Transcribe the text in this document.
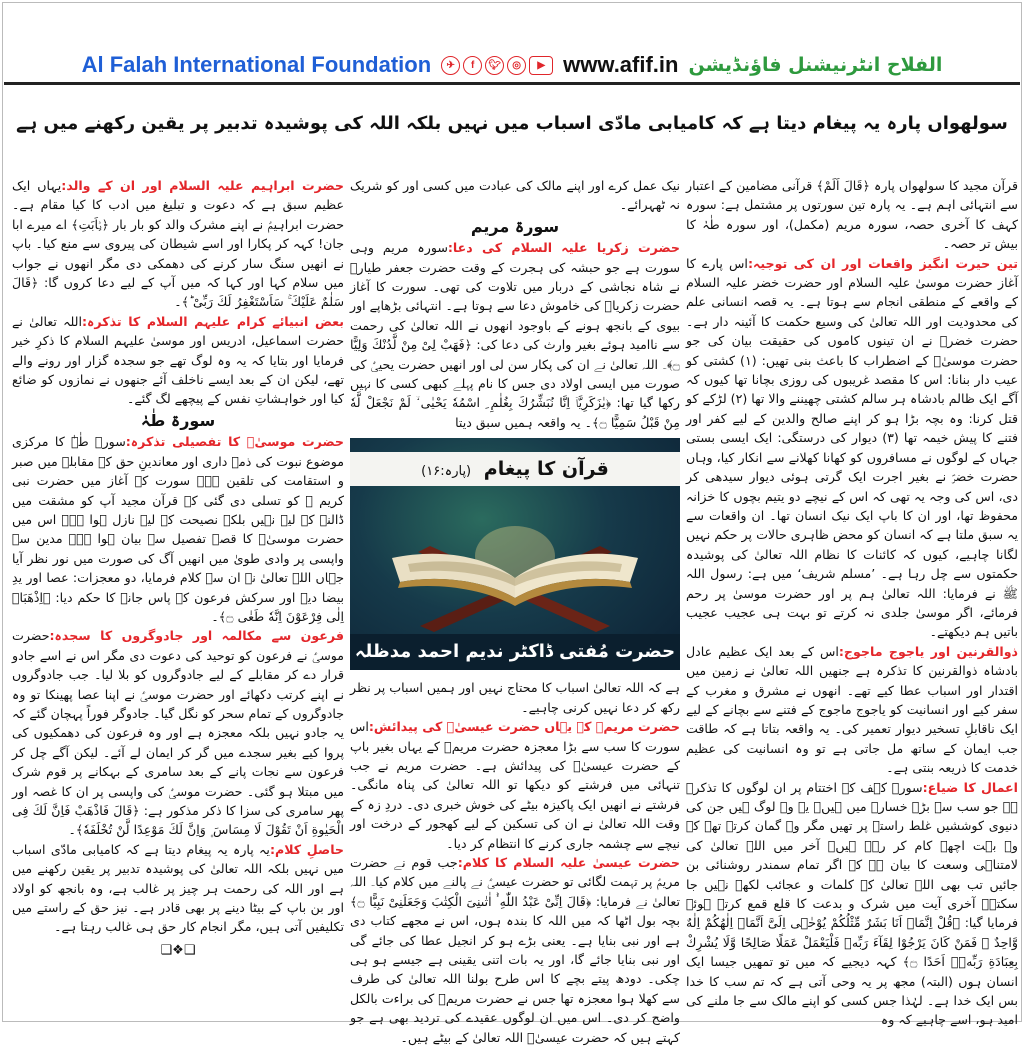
Al Falah International Foundation	✈	f	🐦︎	◎	▶ www.afif.in الفلاح انٹرنیشنل فاؤنڈیشن
سولھواں پارہ یہ پیغام دیتا ہے کہ کامیابی مادّی اسباب میں نہیں بلکہ اللہ کی پوشیدہ تدبیر پر یقین رکھنے میں ہے

قرآن مجید کا سولھواں پارہ ﴿قَالَ اَلَمْ﴾ قرآنی مضامین کے اعتبار سے انتہائی اہم ہے۔ یہ پارہ تین سورتوں پر مشتمل ہے: سورہ کہف کا آخری حصہ، سورہ مریم (مکمل)، اور سورہ طٰہٰ کا بیش تر حصہ۔

تین حیرت انگیز واقعات اور ان کی توجیہ:اس پارے کا آغاز حضرت موسیٰ علیہ السلام اور حضرت خضر علیہ السلام کے واقعے کے منطقی انجام سے ہوتا ہے۔ یہ قصہ انسانی علم کی محدودیت اور اللہ تعالیٰ کی وسیع حکمت کا آئینہ دار ہے۔ حضرت خضرؑ نے ان تینوں کاموں کی حقیقت بیان کی جو حضرت موسیٰؑ کے اضطراب کا باعث بنی تھیں: (۱) کشتی کو عیب دار بنانا: اس کا مقصد غریبوں کی روزی بچانا تھا کیوں کہ آگے ایک ظالم بادشاہ ہر سالم کشتی چھیننے والا تھا (۲) لڑکے کو قتل کرنا: وہ بچہ بڑا ہو کر اپنے صالح والدین کے لیے کفر اور فتنے کا پیش خیمہ تھا (۳) دیوار کی درستگی: ایک ایسی بستی جہاں کے لوگوں نے مسافروں کو کھانا کھلانے سے انکار کیا، وہاں حضرت خضرؑ نے بغیر اجرت ایک گرتی ہوئی دیوار سیدھی کر دی، اس کی وجہ یہ تھی کہ اس کے نیچے دو یتیم بچوں کا خزانہ محفوظ تھا، اور ان کا باپ ایک نیک انسان تھا۔ ان واقعات سے یہ سبق ملتا ہے کہ انسان کو محض ظاہری حالات پر حکم نہیں لگانا چاہیے، کیوں کہ کائنات کا نظام اللہ تعالیٰ کی پوشیدہ حکمتوں سے چل رہا ہے۔ ’مسلم شریف‘ میں ہے: رسول اللہ ﷺ نے فرمایا: اللہ تعالیٰ ہم پر اور حضرت موسیٰ پر رحم فرمائے، اگر موسیٰ جلدی نہ کرتے تو بہت ہی عجیب عجیب باتیں ہم دیکھتے۔

ذوالقرنین اور یاجوج ماجوج:اس کے بعد ایک عظیم عادل بادشاہ ذوالقرنین کا تذکرہ ہے جنھیں اللہ تعالیٰ نے زمین میں اقتدار اور اسباب عطا کیے تھے۔ انھوں نے مشرق و مغرب کے سفر کیے اور انسانیت کو یاجوج ماجوج کے فتنے سے بچانے کے لیے ایک ناقابلِ تسخیر دیوار تعمیر کی۔ یہ واقعہ بتاتا ہے کہ طاقت جب ایمان کے ساتھ مل جاتی ہے تو وہ انسانیت کی عظیم خدمت کا ذریعہ بنتی ہے۔

اعمال کا ضیاع:سورہ کہف کے اختتام پر ان لوگوں کا تذکرہ ہے جو سب سے بڑے خسارے میں ہیں۔ یہ وہ لوگ ہیں جن کی دنیوی کوششیں غلط راستے پر تھیں مگر وہ گمان کرتے تھے کہ وہ بہت اچھے کام کر رہے ہیں۔ آخر میں اللہ تعالیٰ کی لامتناہی وسعت کا بیان ہے کہ اگر تمام سمندر روشنائی بن جائیں تب بھی اللہ تعالیٰ کے کلمات و عجائب لکھے نہیں جا سکتے۔ آخری آیت میں شرک و بدعت کا قلع قمع کرتے ہوئے فرمایا گیا: ﴿قُلْ اِنَّمَاۤ اَنَا بَشَرٌ مِّثْلُكُمْ یُوْحٰۤى اِلَیَّ اَنَّمَاۤ اِلٰهُكُمْ اِلٰهٌ وَّاحِدٌ ۚ فَمَنْ كَانَ یَرْجُوْا لِقَآءَ رَبِّهٖ فَلْیَعْمَلْ عَمَلًا صَالِحًا وَّلَا یُشْرِكْ بِعِبَادَةِ رَبِّهٖۤ اَحَدًا ۝﴾ کہہ دیجیے کہ میں تو تمھیں جیسا ایک انسان ہوں (البتہ) مجھ پر یہ وحی آتی ہے کہ تم سب کا خدا بس ایک خدا ہے۔ لہٰذا جس کسی کو اپنے مالک سے جا ملنے کی امید ہو، اسے چاہیے کہ وہ

نیک عمل کرے اور اپنے مالک کی عبادت میں کسی اور کو شریک نہ ٹھہرائے۔

سورۃ مریم

حضرت زکریا علیہ السلام کی دعا:سورہ مریم وہی سورت ہے جو حبشہ کی ہجرت کے وقت حضرت جعفر طیارؓ نے شاہ نجاشی کے دربار میں تلاوت کی تھی۔ سورت کا آغاز حضرت زکریاؑ کی خاموش دعا سے ہوتا ہے۔ انتہائی بڑھاپے اور بیوی کے بانجھ ہونے کے باوجود انھوں نے اللہ تعالیٰ کی رحمت سے ناامید ہوئے بغیر وارث کی دعا کی: ﴿فَهَبْ لِیْ مِنْ لَّدُنْكَ وَلِیًّا ۝﴾۔ اللہ تعالیٰ نے ان کی پکار سن لی اور انھیں حضرت یحییٰؑ کی صورت میں ایسی اولاد دی جس کا نام پہلے کبھی کسی کا نہیں رکھا گیا تھا: ﴿یٰزَكَرِیَّاۤ اِنَّا نُبَشِّرُكَ بِغُلٰمِ ِ اسْمُهٗ یَحْیٰى ۙ لَمْ نَجْعَلْ لَّهٗ مِنْ قَبْلُ سَمِیًّا ۝﴾۔ یہ واقعہ ہمیں سبق دیتا

قرآن کا پیغام (پارہ:۱۶)
حضرت مُفتی ڈاکٹر ندیم احمد مدظلہ

ہے کہ اللہ تعالیٰ اسباب کا محتاج نہیں اور ہمیں اسباب پر نظر رکھ کر دعا نہیں کرنی چاہیے۔

حضرت مریمؑ کے یہاں حضرت عیسیٰؑ کی پیدائش:اس سورت کا سب سے بڑا معجزہ حضرت مریمؑ کے یہاں بغیر باپ کے حضرت عیسیٰؑ کی پیدائش ہے۔ حضرت مریم نے جب تنہائی میں فرشتے کو دیکھا تو اللہ تعالیٰ کی پناہ مانگی۔ فرشتے نے انھیں ایک پاکیزہ بیٹے کی خوش خبری دی۔ دردِ زہ کے وقت اللہ تعالیٰ نے ان کی تسکین کے لیے کھجور کے درخت اور نیچے سے چشمہ جاری کرنے کا انتظام کر دیا۔

حضرت عیسیٰ علیہ السلام کا کلام:جب قوم نے حضرت مریمؑ پر تہمت لگائی تو حضرت عیسیٰؑ نے پالنے میں کلام کیا۔ اللہ تعالیٰ نے فرمایا: ﴿قَالَ اِنِّیْ عَبْدُ اللّٰهِ ۟ؕ اٰتٰىنِیَ الْكِتٰبَ وَجَعَلَنِیْ نَبِیًّا ۝﴾ بچہ بول اٹھا کہ میں اللہ کا بندہ ہوں، اس نے مجھے کتاب دی ہے اور نبی بنایا ہے۔ یعنی بڑے ہو کر انجیل عطا کی جائے گی اور نبی بنایا جائے گا، اور یہ بات اتنی یقینی ہے جیسے ہو ہی چکی۔ دودھ پیتے بچے کا اس طرح بولنا اللہ تعالیٰ کی طرف سے کھلا ہوا معجزہ تھا جس نے حضرت مریمؑ کی براءت بالکل واضح کر دی۔ اس میں ان لوگوں عقیدے کی تردید بھی ہے جو کہتے ہیں کہ حضرت عیسیٰؑ اللہ تعالیٰ کے بیٹے ہیں۔

حضرت ابراہیم علیہ السلام اور ان کے والد:یہاں ایک عظیم سبق ہے کہ دعوت و تبلیغ میں ادب کا کیا مقام ہے۔ حضرت ابراہیمؑ نے اپنے مشرک والد کو بار بار ﴿یٰۤاَبَتِ﴾ اے میرے ابا جان! کہہ کر پکارا اور اسے شیطان کی پیروی سے منع کیا۔ باپ نے انھیں سنگ سار کرنے کی دھمکی دی مگر انھوں نے جواب میں سلام کہا اور کہا کہ میں آپ کے لیے دعا کروں گا: ﴿قَالَ سَلٰمٌ عَلَیْكَ ۚ سَاَسْتَغْفِرُ لَكَ رَبِّیْ ؕ﴾۔

بعض انبیائے کرام علیہم السلام کا تذکرہ:اللہ تعالیٰ نے حضرت اسماعیل، ادریس اور موسیٰ علیہم السلام کا ذکرِ خیر فرمایا اور بتایا کہ یہ وہ لوگ تھے جو سجدہ گزار اور رونے والے تھے، لیکن ان کے بعد ایسے ناخلف آئے جنھوں نے نمازوں کو ضائع کیا اور خواہشاتِ نفس کے پیچھے لگ گئے۔

سورۃ طٰہٰ

حضرت موسیٰؑ کا تفصیلی تذکرہ:سورہ طٰہٰ کا مرکزی موضوع نبوت کی ذمے داری اور معاندینِ حق کے مقابلے میں صبر و استقامت کی تلقین ہے۔ سورت کے آغاز میں حضرت نبی کریم ﷺ کو تسلی دی گئی کہ قرآن مجید آپ کو مشقت میں ڈالنے کے لیے نہیں بلکہ نصیحت کے لیے نازل ہوا ہے۔ اس میں حضرت موسیٰؑ کا قصہ تفصیل سے بیان ہوا ہے۔ مدین سے واپسی پر وادی طویٰ میں انھیں آگ کی صورت میں نور نظر آیا جہاں اللہ تعالیٰ نے ان سے کلام فرمایا، دو معجزات: عصا اور یدِ بیضا دیے اور سرکش فرعون کے پاس جانے کا حکم دیا: ﴿اِذْهَبَاۤ اِلٰى فِرْعَوْنَ اِنَّهٗ طَغٰى ۝﴾۔

فرعون سے مکالمہ اور جادوگروں کا سجدہ:حضرت موسیٰؑ نے فرعون کو توحید کی دعوت دی مگر اس نے اسے جادو قرار دے کر مقابلے کے لیے جادوگروں کو بلا لیا۔ جب جادوگروں نے اپنے کرتب دکھائے اور حضرت موسیٰؑ نے اپنا عصا پھینکا تو وہ جادوگروں کے تمام سحر کو نگل گیا۔ جادوگر فوراً پہچان گئے کہ یہ جادو نہیں بلکہ معجزہ ہے اور وہ فرعون کی دھمکیوں کی پروا کیے بغیر سجدے میں گر کر ایمان لے آئے۔ لیکن آگے چل کر فرعون سے نجات پانے کے بعد سامری کے بہکانے پر قوم شرک میں مبتلا ہو گئی۔ حضرت موسیٰؑ کی واپسی پر ان کا غصہ اور پھر سامری کی سزا کا ذکر مذکور ہے: ﴿قَالَ فَاذْهَبْ فَاِنَّ لَكَ فِی الْحَیٰوةِ اَنْ تَقُوْلَ لَا مِسَاسَ ۪ وَاِنَّ لَكَ مَوْعِدًا لَّنْ تُخْلَفَهٗ﴾۔

حاصلِ کلام:یہ پارہ یہ پیغام دیتا ہے کہ کامیابی مادّی اسباب میں نہیں بلکہ اللہ تعالیٰ کی پوشیدہ تدبیر پر یقین رکھنے میں ہے اور اللہ کی رحمت ہر چیز پر غالب ہے، وہ بانجھ کو اولاد اور بن باپ کے بیٹا دینے پر بھی قادر ہے۔ نیز حق کے راستے میں تکلیفیں آتی ہیں، مگر انجام کار حق ہی غالب رہتا ہے۔

❑❖❑
